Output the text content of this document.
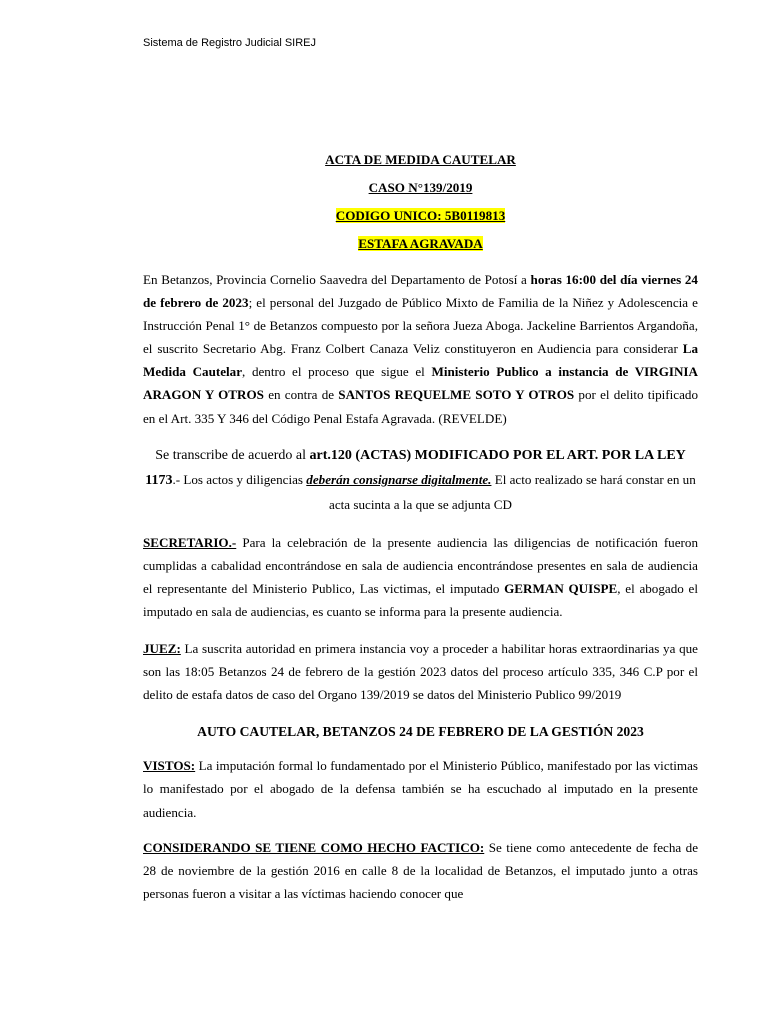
Sistema de Registro Judicial SIREJ
ACTA DE MEDIDA CAUTELAR
CASO N°139/2019
CODIGO UNICO: 5B0119813
ESTAFA AGRAVADA

En Betanzos, Provincia Cornelio Saavedra del Departamento de Potosí a horas 16:00 del día viernes 24 de febrero de 2023; el personal del Juzgado de Público Mixto de Familia de la Niñez y Adolescencia e Instrucción Penal 1° de Betanzos compuesto por la señora Jueza Aboga. Jackeline Barrientos Argandoña, el suscrito Secretario Abg. Franz Colbert Canaza Veliz constituyeron en Audiencia para considerar La Medida Cautelar, dentro el proceso que sigue el Ministerio Publico a instancia de VIRGINIA ARAGON Y OTROS en contra de SANTOS REQUELME SOTO Y OTROS por el delito tipificado en el Art. 335 Y 346 del Código Penal Estafa Agravada. (REVELDE)

Se transcribe de acuerdo al art.120 (ACTAS) MODIFICADO POR EL ART. POR LA LEY 1173.- Los actos y diligencias deberán consignarse digitalmente. El acto realizado se hará constar en un acta sucinta a la que se adjunta CD

SECRETARIO.- Para la celebración de la presente audiencia las diligencias de notificación fueron cumplidas a cabalidad encontrándose en sala de audiencia encontrándose presentes en sala de audiencia el representante del Ministerio Publico, Las victimas, el imputado GERMAN QUISPE, el abogado el imputado en sala de audiencias, es cuanto se informa para la presente audiencia.

JUEZ: La suscrita autoridad en primera instancia voy a proceder a habilitar horas extraordinarias ya que son las 18:05 Betanzos 24 de febrero de la gestión 2023 datos del proceso artículo 335, 346 C.P por el delito de estafa datos de caso del Organo 139/2019 se datos del Ministerio Publico 99/2019

AUTO CAUTELAR, BETANZOS 24 DE FEBRERO DE LA GESTIÓN 2023

VISTOS: La imputación formal lo fundamentado por el Ministerio Público, manifestado por las victimas lo manifestado por el abogado de la defensa también se ha escuchado al imputado en la presente audiencia.

CONSIDERANDO SE TIENE COMO HECHO FACTICO: Se tiene como antecedente de fecha de 28 de noviembre de la gestión 2016 en calle 8 de la localidad de Betanzos, el imputado junto a otras personas fueron a visitar a las víctimas haciendo conocer que
